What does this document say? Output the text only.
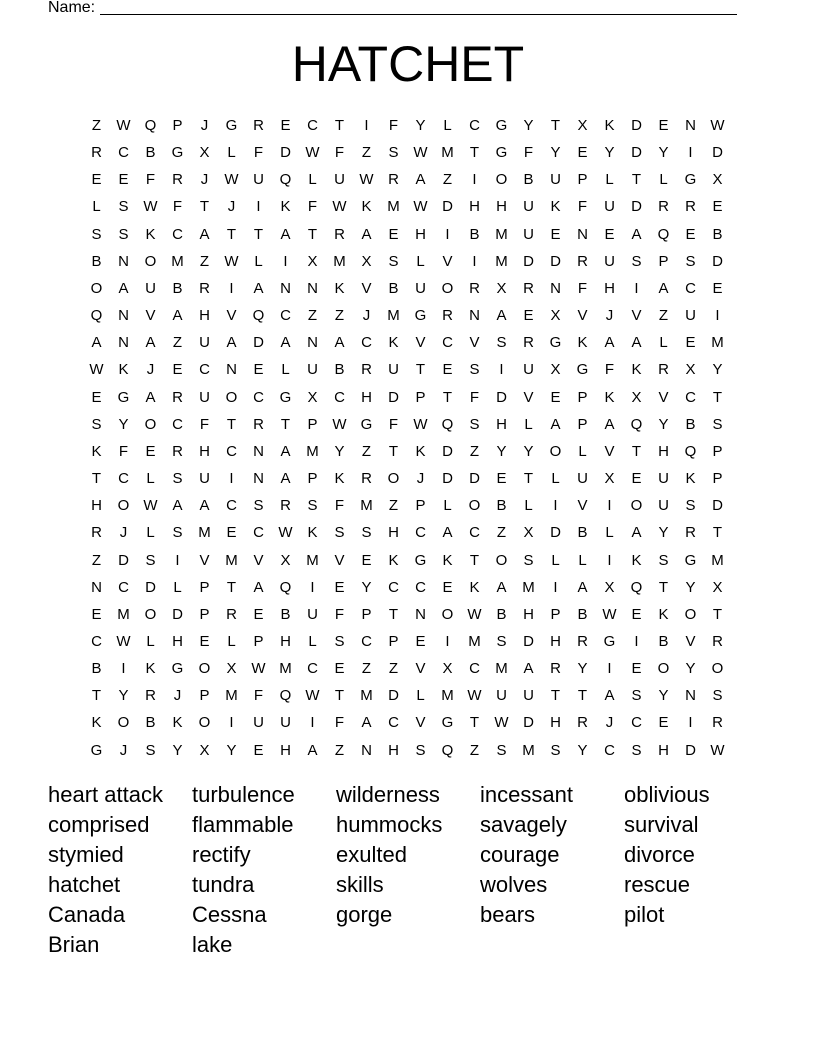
Name:
HATCHET
Z	W Q	P	J	G	R	E	C	T	I	F	Y	L	C	G	Y	T	X	K	D	E	N W
R	C	B	G	X	L	F	D W	F	Z	S W M	T	G	F	Y	E	Y	D	Y	I	D
E	E	F	R	J	W U	Q	L	U W R	A	Z	I	O	B	U	P	L	T	L	G	X
L	S W	F	T	J	I	K	F	W K	M W D	H	H	U	K	F	U	D	R	R	E
S	S	K	C	A	T	T	A	T	R	A	E	H	I	B	M	U	E	N	E	A	Q	E	B
B	N	O M	Z	W	L	I	X	M	X	S	L	V	I	M	D	D	R	U	S	P	S	D
O	A	U	B	R	I	A	N	N	K	V	B	U	O	R	X	R	N	F	H	I	A	C	E
Q	N	V	A	H	V	Q	C	Z	Z	J	M G	R	N	A	E	X	V	J	V	Z	U	I
A	N	A	Z	U	A	D	A	N	A	C	K	V	C	V	S	R	G	K	A	A	L	E	M
W K	J	E	C	N	E	L	U	B	R	U	T	E	S	I	U	X	G	F	K	R	X	Y
E	G	A	R	U	O	C	G	X	C	H	D	P	T	F	D	V	E	P	K	X	V	C	T
S	Y	O	C	F	T	R	T	P W G	F	W Q	S	H	L	A	P	A	Q	Y	B	S
K	F	E	R	H	C	N	A	M	Y	Z	T	K	D	Z	Y	Y	O	L	V	T	H	Q	P
T	C	L	S	U	I	N	A	P	K	R	O	J	D	D	E	T	L	U	X	E	U	K	P
H	O W A	A	C	S	R	S	F	M	Z	P	L	O	B	L	I	V	I	O	U	S	D
R	J	L	S	M	E	C W K	S	S	H	C	A	C	Z	X	D	B	L	A	Y	R	T
Z	D	S	I	V	M	V	X	M	V	E	K	G	K	T	O	S	L	L	I	K	S	G M
N	C	D	L	P	T	A	Q	I	E	Y	C	C	E	K	A	M	I	A	X	Q	T	Y	X
E	M O	D	P	R	E	B	U	F	P	T	N	O W B	H	P	B W E	K	O	T
C W	L	H	E	L	P	H	L	S	C	P	E	I	M	S	D	H	R	G	I	B	V	R
B	I	K	G	O	X W M	C	E	Z	Z	V	X	C	M	A	R	Y	I	E	O	Y	O
T	Y	R	J	P	M	F	Q W	T	M	D	L	M W U	U	T	T	A	S	Y	N	S
K	O	B	K	O	I	U	U	I	F	A	C	V	G	T	W D	H	R	J	C	E	I	R
G	J	S	Y	X	Y	E	H	A	Z	N	H	S	Q	Z	S	M	S	Y	C	S	H	D W
heart attack	turbulence	wilderness	incessant	oblivious
comprised	flammable	hummocks	savagely	survival
stymied	rectify	exulted	courage	divorce
hatchet	tundra	skills	wolves	rescue
Canada	Cessna	gorge	bears	pilot
Brian	lake
